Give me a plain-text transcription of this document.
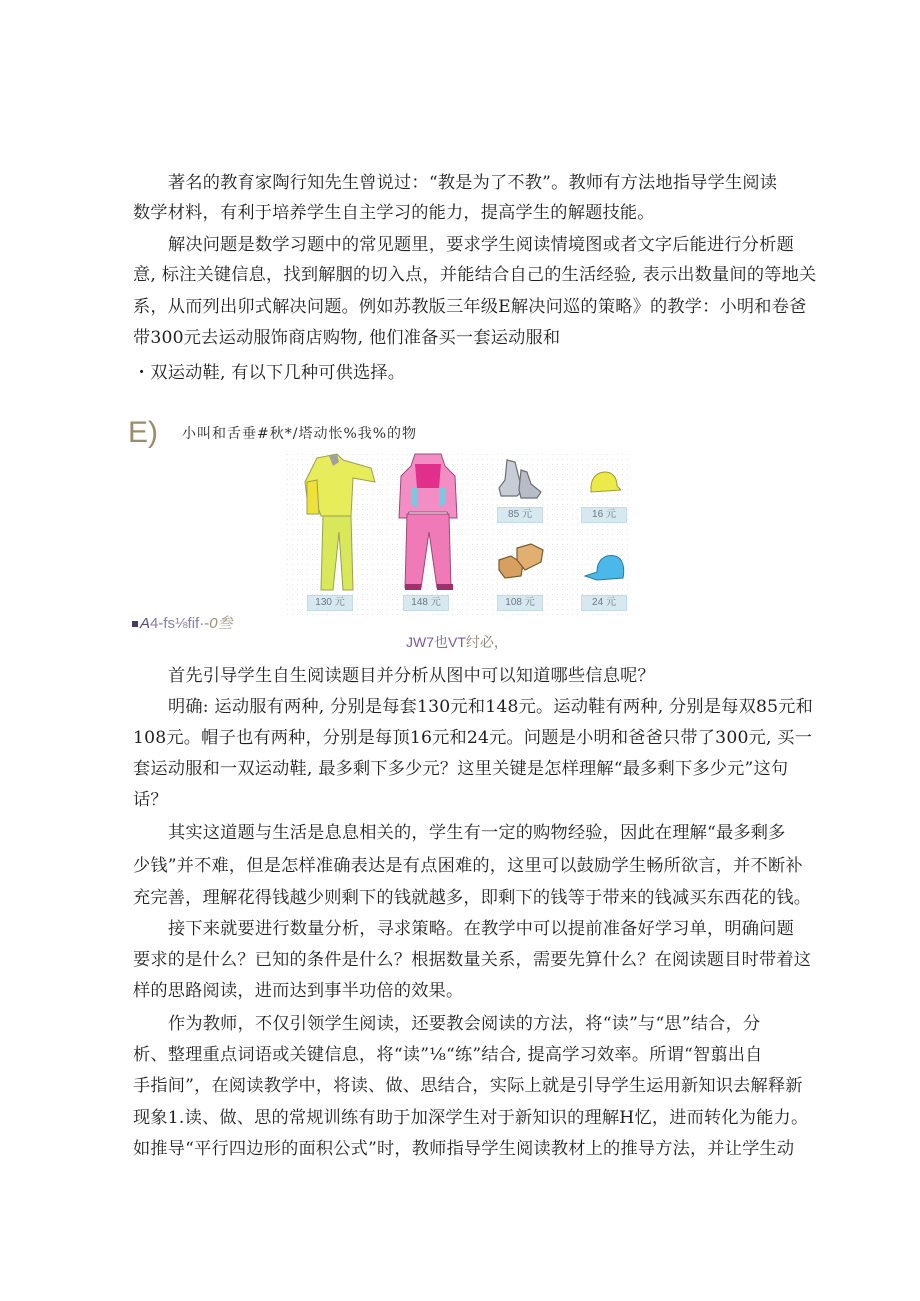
著名的教育家陶行知先生曾说过：“教是为了不教”。教师有方法地指导学生阅读
数学材料，有利于培养学生自主学习的能力，提高学生的解题技能。
解决问题是数学习题中的常见题里，要求学生阅读情境图或者文字后能进行分析题
意, 标注关键信息，找到解胭的切入点，并能结合自己的生活经验, 表示出数量间的等地关
系，从而列出卯式解决问题。例如苏教版三年级E解决问巡的策略》的教学：小明和卷爸
带300元去运动服饰商店购物, 他们准备买一套运动服和
・双运动鞋, 有以下几种可供选择。
E) 小叫和舌垂#秋*/塔动怅%我%的物
130 元	148 元
85 元	16 元
108 元	24 元
A4-fs⅛fif·-0叁
JW7也VT纣必，
首先引导学生自生阅读题目并分析从图中可以知道哪些信息呢？
明确: 运动服有两种, 分别是每套130元和148元。运动鞋有两种, 分别是每双85元和
108元。帽子也有两种，分别是每顶16元和24元。问题是小明和爸爸只带了300元, 买一
套运动服和一双运动鞋, 最多剩下多少元？这里关键是怎样理解“最多剩下多少元”这句
话？
其实这道题与生活是息息相关的，学生有一定的购物经验，因此在理解“最多剩多
少钱”并不难，但是怎样准确表达是有点困难的，这里可以鼓励学生畅所欲言，并不断补
充完善，理解花得钱越少则剩下的钱就越多，即剩下的钱等于带来的钱减买东西花的钱。
接下来就要进行数量分析，寻求策略。在教学中可以提前准备好学习单，明确问题
要求的是什么？已知的条件是什么？根据数量关系，需要先算什么？在阅读题目时带着这
样的思路阅读，进而达到事半功倍的效果。
作为教师，不仅引领学生阅读，还要教会阅读的方法，将“读”与“思”结合，分
析、整理重点词语或关键信息，将“读”⅛“练”结合, 提高学习效率。所谓“智翦出自
手指间”，在阅读教学中，将读、做、思结合，实际上就是引导学生运用新知识去解释新
现象1.读、做、思的常规训练有助于加深学生对于新知识的理解H忆，进而转化为能力。
如推导“平行四边形的面积公式”时，教师指导学生阅读教材上的推导方法，并让学生动
